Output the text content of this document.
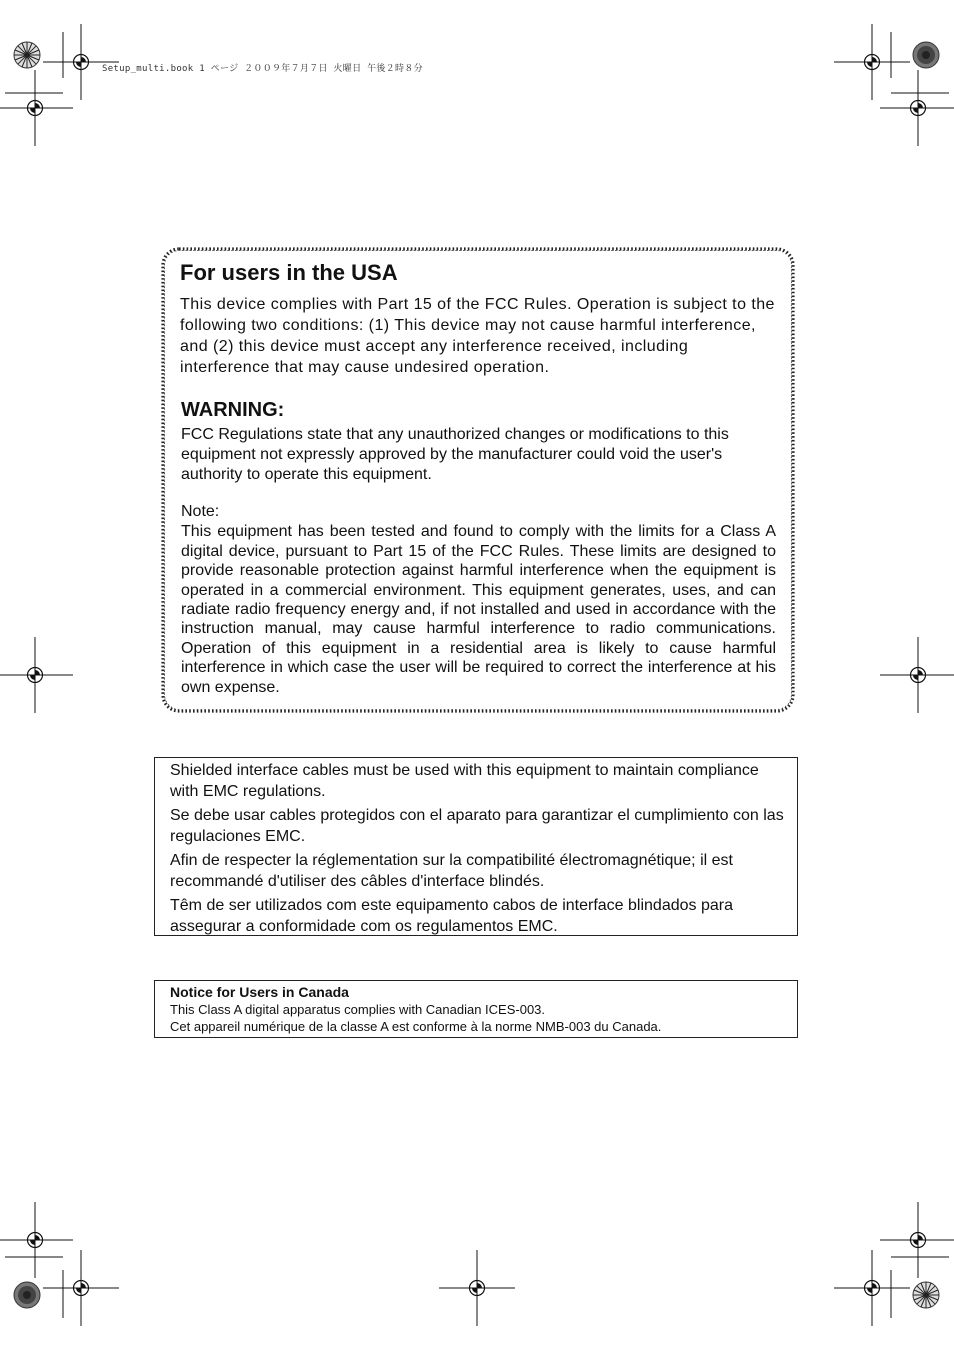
Setup_multi.book 1 ページ ２００９年７月７日 火曜日 午後２時８分
For users in the USA

This device complies with Part 15 of the FCC Rules. Operation is subject to the following two conditions: (1) This device may not cause harmful interference, and (2) this device must accept any interference received, including interference that may cause undesired operation.

WARNING:

FCC Regulations state that any unauthorized changes or modifications to this equipment not expressly approved by the manufacturer could void the user's authority to operate this equipment.

Note:

This equipment has been tested and found to comply with the limits for a Class A digital device, pursuant to Part 15 of the FCC Rules. These limits are designed to provide reasonable protection against harmful interference when the equipment is operated in a commercial environment. This equipment generates, uses, and can radiate radio frequency energy and, if not installed and used in accordance with the instruction manual, may cause harmful interference to radio communications. Operation of this equipment in a residential area is likely to cause harmful interference in which case the user will be required to correct the interference at his own expense.

Shielded interface cables must be used with this equipment to maintain compliance with EMC regulations.

Se debe usar cables protegidos con el aparato para garantizar el cumplimiento con las regulaciones EMC.

Afin de respecter la réglementation sur la compatibilité électromagnétique; il est recommandé d'utiliser des câbles d'interface blindés.

Têm de ser utilizados com este equipamento cabos de interface blindados para assegurar a conformidade com os regulamentos EMC.

Notice for Users in Canada

This Class A digital apparatus complies with Canadian ICES-003.

Cet appareil numérique de la classe A est conforme à la norme NMB-003 du Canada.
